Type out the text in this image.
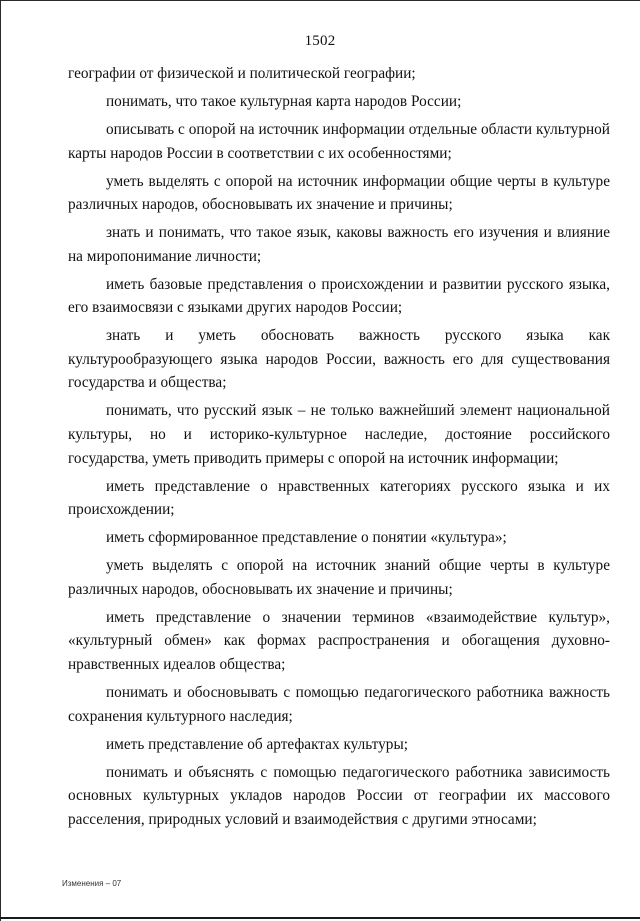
1502

географии от физической и политической географии;

понимать, что такое культурная карта народов России;

описывать с опорой на источник информации отдельные области культурной карты народов России в соответствии с их особенностями;

уметь выделять с опорой на источник информации общие черты в культуре различных народов, обосновывать их значение и причины;

знать и понимать, что такое язык, каковы важность его изучения и влияние на миропонимание личности;

иметь базовые представления о происхождении и развитии русского языка, его взаимосвязи с языками других народов России;

знать и уметь обосновать важность русского языка как культурообразующего языка народов России, важность его для существования государства и общества;

понимать, что русский язык – не только важнейший элемент национальной культуры, но и историко-культурное наследие, достояние российского государства, уметь приводить примеры с опорой на источник информации;

иметь представление о нравственных категориях русского языка и их происхождении;

иметь сформированное представление о понятии «культура»;

уметь выделять с опорой на источник знаний общие черты в культуре различных народов, обосновывать их значение и причины;

иметь представление о значении терминов «взаимодействие культур», «культурный обмен» как формах распространения и обогащения духовно-нравственных идеалов общества;

понимать и обосновывать с помощью педагогического работника важность сохранения культурного наследия;

иметь представление об артефактах культуры;

понимать и объяснять с помощью педагогического работника зависимость основных культурных укладов народов России от географии их массового расселения, природных условий и взаимодействия с другими этносами;

Изменения – 07
